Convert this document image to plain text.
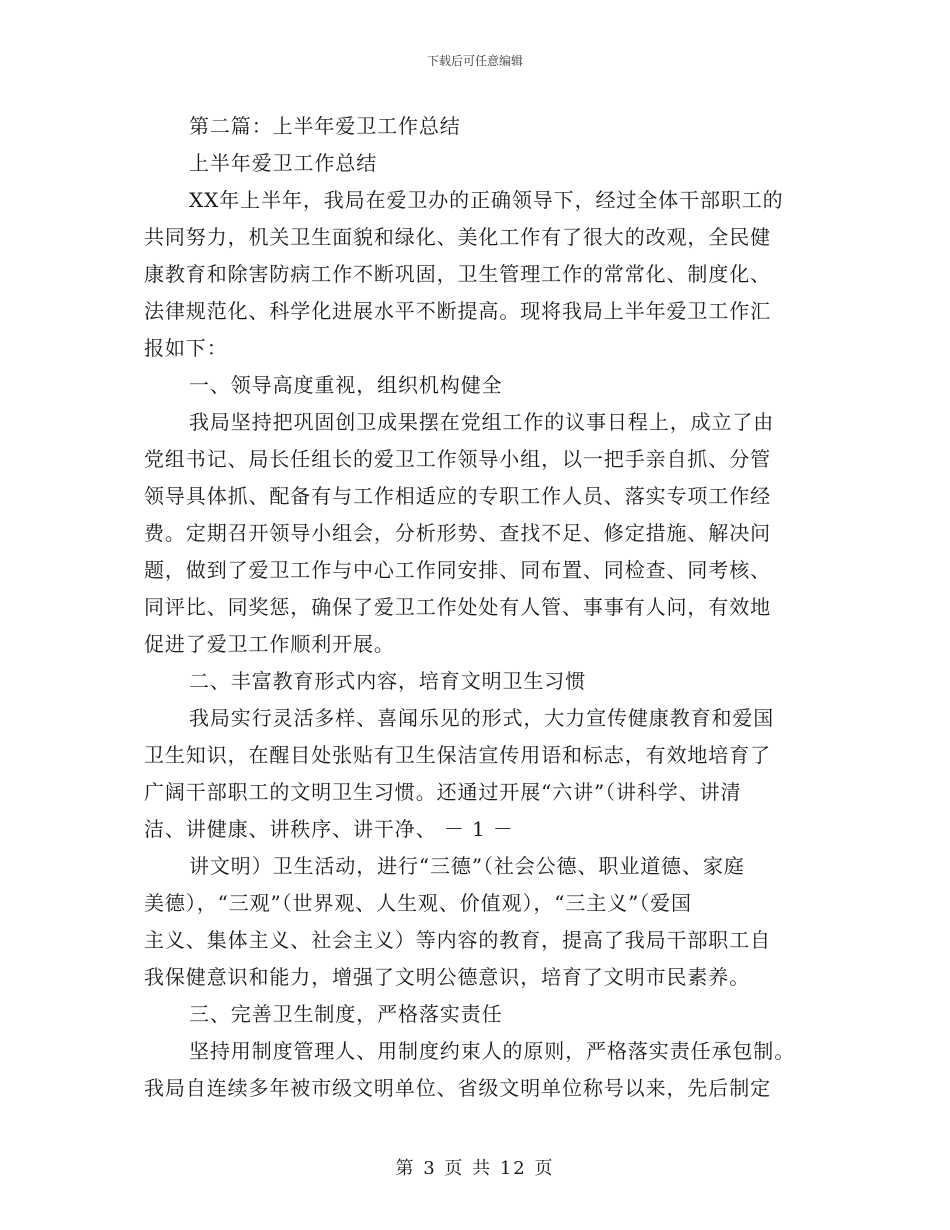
下载后可任意编辑
第二篇：上半年爱卫工作总结
上半年爱卫工作总结
XX年上半年，我局在爱卫办的正确领导下，经过全体干部职工的
共同努力，机关卫生面貌和绿化、美化工作有了很大的改观，全民健
康教育和除害防病工作不断巩固，卫生管理工作的常常化、制度化、
法律规范化、科学化进展水平不断提高。现将我局上半年爱卫工作汇
报如下：
一、领导高度重视，组织机构健全
我局坚持把巩固创卫成果摆在党组工作的议事日程上，成立了由
党组书记、局长任组长的爱卫工作领导小组，以一把手亲自抓、分管
领导具体抓、配备有与工作相适应的专职工作人员、落实专项工作经
费。定期召开领导小组会，分析形势、查找不足、修定措施、解决问
题，做到了爱卫工作与中心工作同安排、同布置、同检查、同考核、
同评比、同奖惩，确保了爱卫工作处处有人管、事事有人问，有效地
促进了爱卫工作顺利开展。
二、丰富教育形式内容，培育文明卫生习惯
我局实行灵活多样、喜闻乐见的形式，大力宣传健康教育和爱国
卫生知识，在醒目处张贴有卫生保洁宣传用语和标志，有效地培育了
广阔干部职工的文明卫生习惯。还通过开展“六讲”（讲科学、讲清
洁、讲健康、讲秩序、讲干净、 － 1 －
讲文明）卫生活动，进行“三德”（社会公德、职业道德、家庭
美德），“三观”（世界观、人生观、价值观），“三主义”（爱国
主义、集体主义、社会主义）等内容的教育，提高了我局干部职工自
我保健意识和能力，增强了文明公德意识，培育了文明市民素养。
三、完善卫生制度，严格落实责任
坚持用制度管理人、用制度约束人的原则，严格落实责任承包制。
我局自连续多年被市级文明单位、省级文明单位称号以来，先后制定
第 3 页 共 12 页
